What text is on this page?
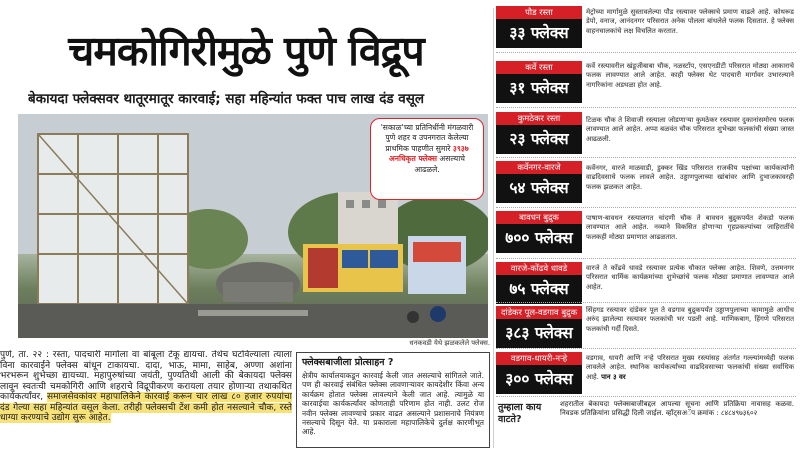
चमकोगिरीमुळे पुणे विद्रूप
बेकायदा फ्लेक्सवर थातूरमातूर कारवाई; सहा महिन्यांत फक्त पाच लाख दंड वसूल
'सकाळ'च्या प्रतिनिधींनी मंगळवारी पुणे शहर व उपनगरात केलेल्या प्राथमिक पाहणीत सुमारे ३९३७ अनधिकृत फ्लेक्स असल्याचे आढळले.
धनकवडी येथे झळकलेले फ्लेक्स.
पुणे, ता. २२ : रस्ता, पादचारी मार्गाला वा बांबूला टेकू द्यायचा. तेथेच घटविल्याला त्याला विना कारवाईने फ्लेक्स बांधून टाकायचा. दादा, भाऊ, मामा, साहेब, अण्णा अशांना भरभरून शुभेच्छा द्यायच्या. महापुरुषांच्या जयंती, पुण्यतिथी आली की बेकायदा फ्लेक्स लावून स्वतःची चमकोगिरी आणि शहराचे विद्रूपीकरण करायला तयार होणाऱ्या तथाकथित कार्यकर्त्यांवर, समाजसेवकांवर महापालिकेने कारवाई करून चार लाख ८० हजार रुपयांचा दंड गेल्या सहा महिन्यांत वसूल केला. तरीही फ्लेक्सची टेंश कमी होत नसल्याने चौक, रस्ते धाग्या करण्याचे उद्योग सुरू आहेत.
फ्लेक्सबाजीला प्रोत्साहन ?
क्षेत्रीय कार्यालयाकडून कारवाई केली जात असल्याचे सांगितले जाते. पण ही कारवाई संबंधित फ्लेक्स लावणाऱ्यावर कायदेशीर किंवा अन्य कार्यक्रम होतात फ्लेक्स लावल्याने केली जात आहे. त्यामुळे या कारवाईचा कार्यकर्त्यांवर कोणताही परिणाम होत नाही. उलट रोज नवीन फ्लेक्स लावण्याचे प्रकार वाढत असल्याने प्रशासनाचे नियंत्रण नसल्याचे दिसून येते. या प्रकाराला महापालिकेचे दुर्लक्ष कारणीभूत आहे.
पौड रस्ता
३३ फ्लेक्स
कर्वे रस्ता
३१ फ्लेक्स
कुमठेकर रस्ता
२३ फ्लेक्स
कर्वेनगर-वारजे
५४ फ्लेक्स
बावधन बुद्रुक
७०० फ्लेक्स
वारजे-कोंढवे धावडे
७५ फ्लेक्स
दांडेकर पूल-वडगाव बुद्रुक
३८३ फ्लेक्स
वडगाव-धायरी-नऱ्हे
३०० फ्लेक्स
मेट्रोच्या मार्गामुळे सुस्तावलेल्या पौड रस्त्यावर फ्लेक्सचे प्रमाण वाढले आहे. कोथरूड डेपो, वनाज, आनंदनगर परिसरात अनेक पोलला बांधलेले फलक दिसतात. हे फ्लेक्स वाहनचालकांचे लक्ष विचलित करतात.
कर्वे रस्त्यावरील खंडूजीबाबा चौक, नळस्टॉप, एसएनडीटी परिसरात मोठ्या आकाराचे फलक लावण्यात आले आहेत. काही फ्लेक्स थेट पादचारी मार्गावर उभारल्याने नागरिकांना अडथळा होत आहे.
टिळक चौक ते शिवाजी रस्त्याला जोडणाऱ्या कुमठेकर रस्त्यावर दुकानांसमोरच फलक लावण्यात आले आहेत. अप्पा बळवंत चौक परिसरात शुभेच्छा फलकांची संख्या जास्त आढळली.
कर्वेनगर, वारजे माळवाडी, डुक्कर खिंड परिसरात राजकीय पक्षांच्या कार्यकर्त्यांनी वाढदिवसाचे फलक लावले आहेत. उड्डाणपुलाच्या खांबांवर आणि दुभाजकावरही फलक झळकत आहेत.
पाषाण-बावधन रस्त्यालगत चांदणी चौक ते बावधन बुद्रुकपर्यंत शेकडो फलक लावण्यात आले आहेत. नव्याने विकसित होणाऱ्या गृहप्रकल्पांच्या जाहिरातींचे फलकही मोठ्या प्रमाणात आढळतात.
वारजे ते कोंढवे धावडे रस्त्यावर प्रत्येक चौकात फ्लेक्स आहेत. शिवणे, उत्तमनगर परिसरात धार्मिक कार्यक्रमांच्या शुभेच्छांचे फलक मोठ्या प्रमाणात लावण्यात आले आहेत.
सिंहगड रस्त्यावर दांडेकर पूल ते वडगाव बुद्रुकपर्यंत उड्डाणपुलाच्या कामामुळे आधीच अरुंद झालेल्या रस्त्यावर फलकांची भर पडली आहे. माणिकबाग, हिंगणे परिसरात फलकांची गर्दी दिसते.
वडगाव, धायरी आणि नऱ्हे परिसरात मुख्य रस्त्यांसह अंतर्गत गल्ल्यांमध्येही फलक लावलेले आहेत. स्थानिक कार्यकर्त्यांच्या वाढदिवसाच्या फलकांची संख्या सर्वाधिक आहे. पान ३ वर
तुम्हाला काय वाटते?
शहरातील बेकायदा फ्लेक्सबाजीबद्दल आपल्या सूचना आणि प्रतिक्रिया नावासह कळवा. निवडक प्रतिक्रियांना प्रसिद्धी दिली जाईल. व्हॉट्सअॅप क्रमांक : ८४८४९७३६०२
